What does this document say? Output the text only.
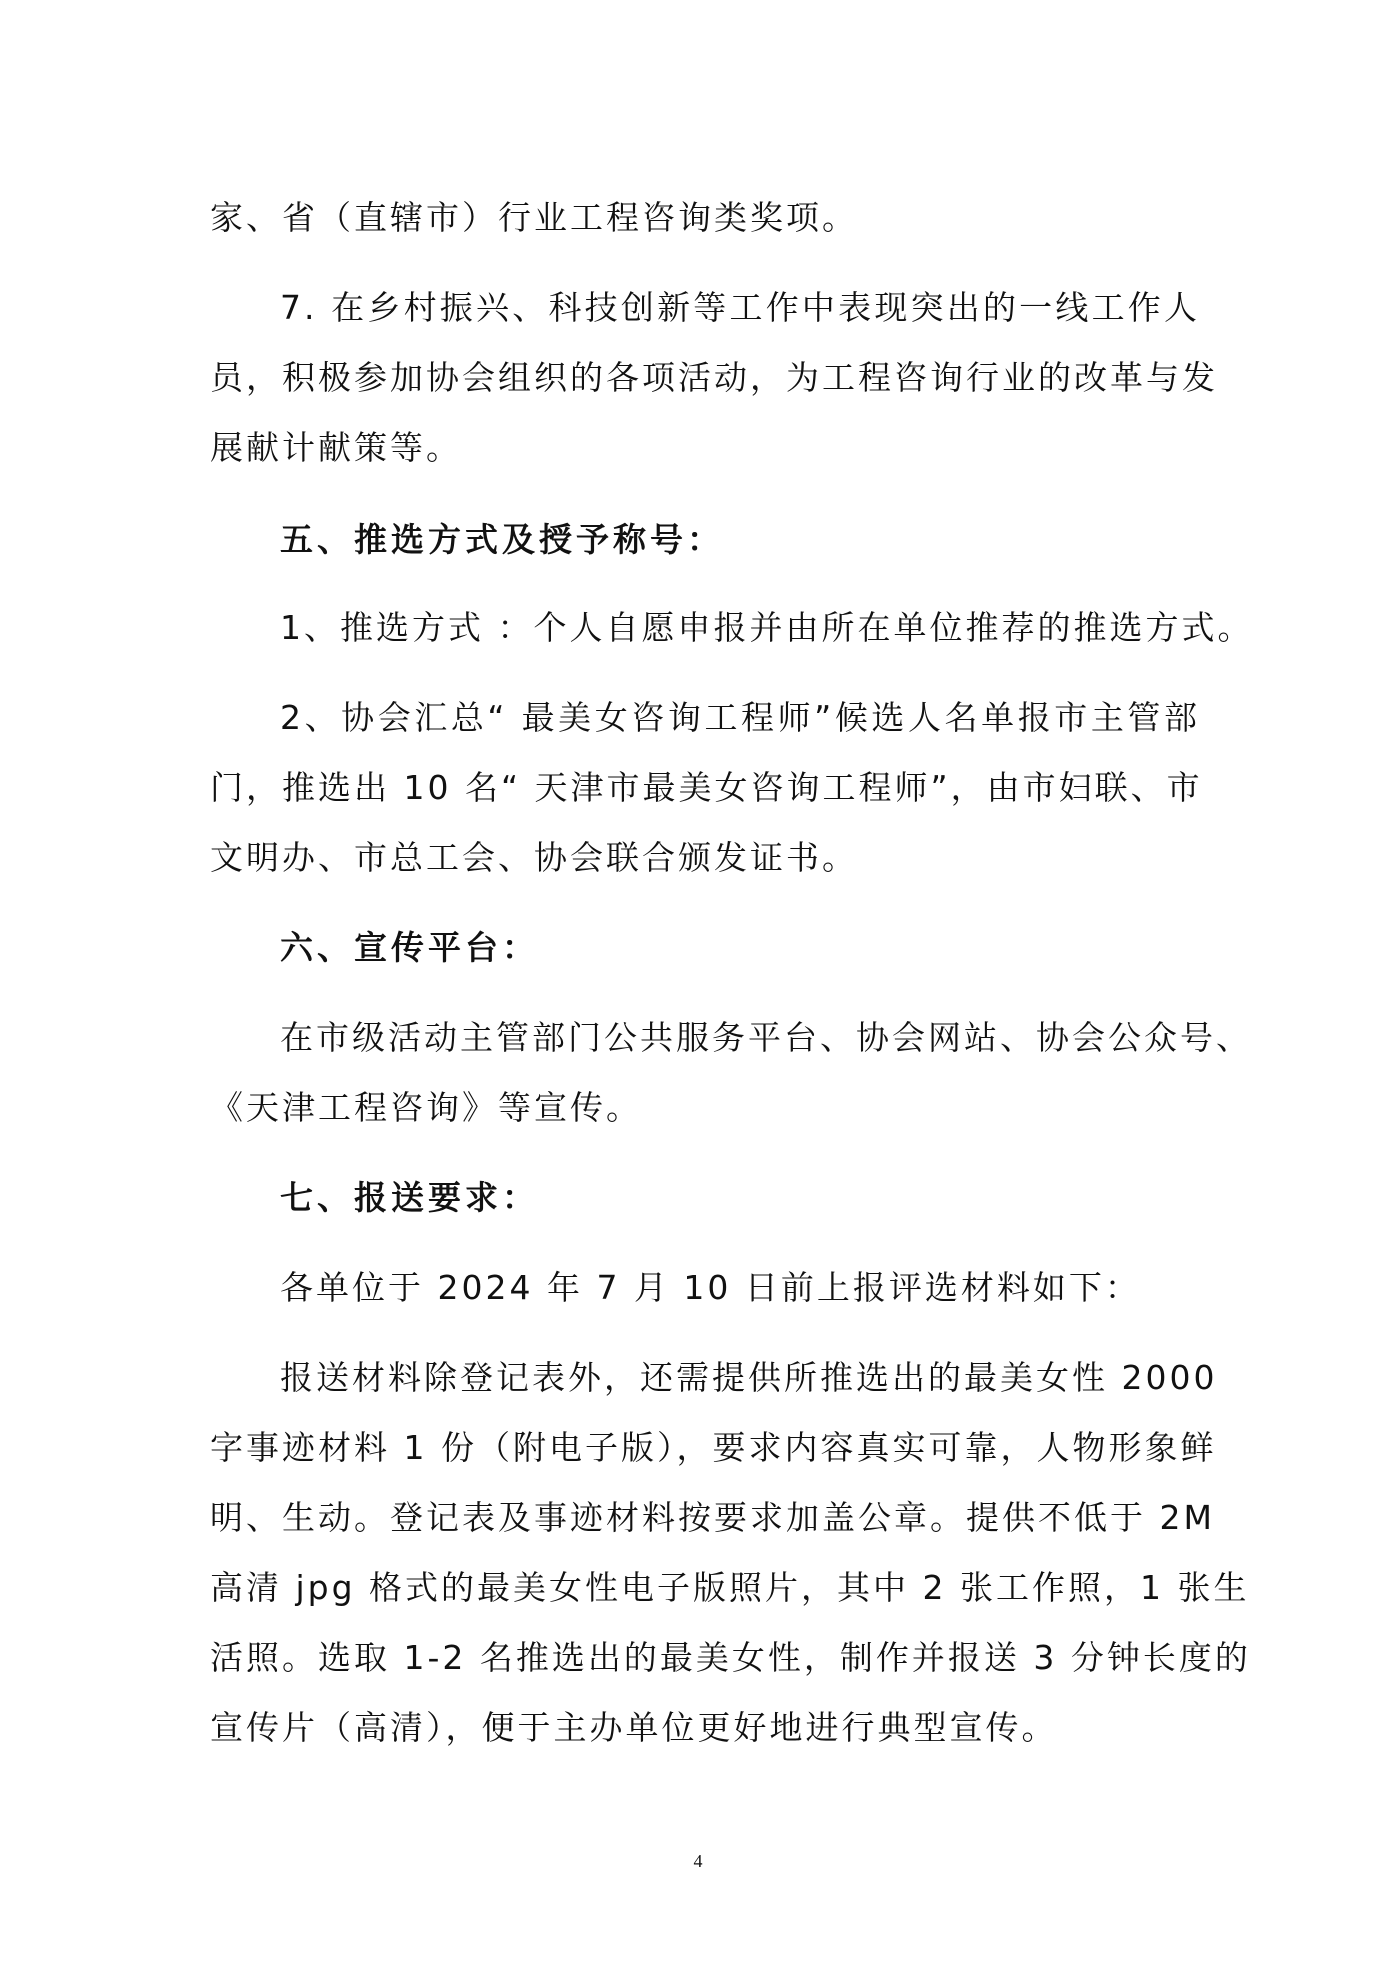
家、省（直辖市）行业工程咨询类奖项。
7. 在乡村振兴、科技创新等工作中表现突出的一线工作人
员，积极参加协会组织的各项活动，为工程咨询行业的改革与发
展献计献策等。
五、推选方式及授予称号：
1、推选方式 ：个人自愿申报并由所在单位推荐的推选方式。
2、协会汇总“ 最美女咨询工程师”候选人名单报市主管部
门，推选出 10 名“ 天津市最美女咨询工程师”，由市妇联、市
文明办、市总工会、协会联合颁发证书。
六、宣传平台：
在市级活动主管部门公共服务平台、协会网站、协会公众号、
《天津工程咨询》等宣传。
七、报送要求：
各单位于 2024 年 7 月 10 日前上报评选材料如下：
报送材料除登记表外，还需提供所推选出的最美女性 2000
字事迹材料 1 份（附电子版），要求内容真实可靠，人物形象鲜
明、生动。登记表及事迹材料按要求加盖公章。提供不低于 2M
高清 jpg 格式的最美女性电子版照片，其中 2 张工作照，1 张生
活照。选取 1-2 名推选出的最美女性，制作并报送 3 分钟长度的
宣传片（高清），便于主办单位更好地进行典型宣传。
4
